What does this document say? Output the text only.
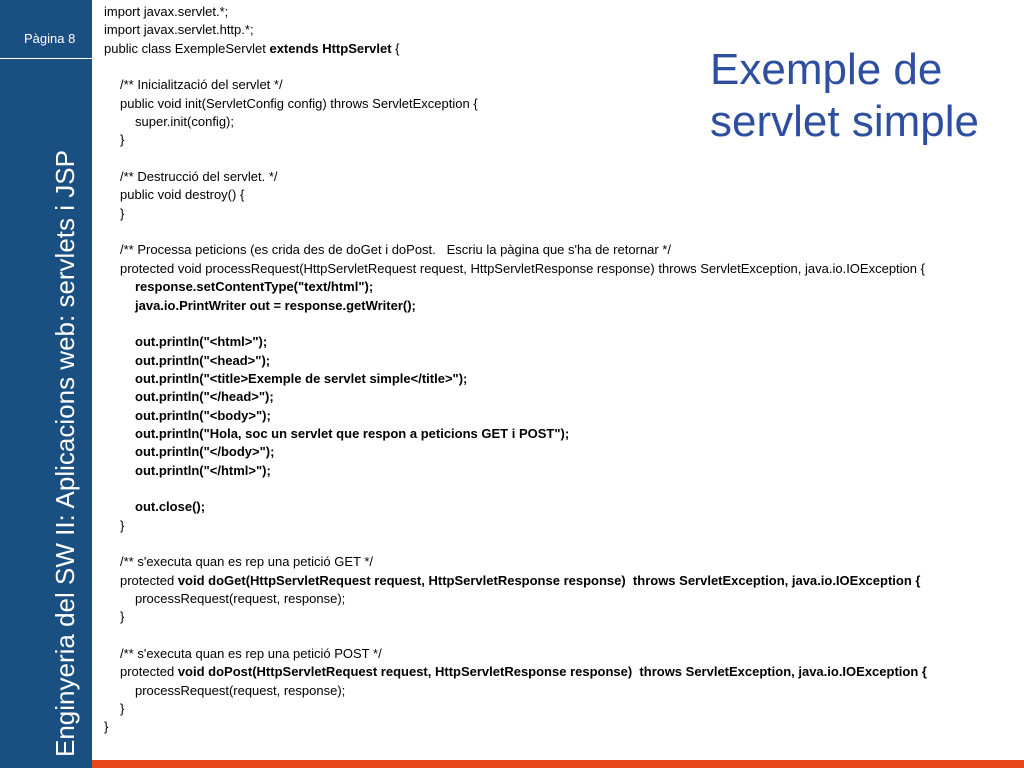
Pàgina 8
Enginyeria del SW II: Aplicacions web: servlets i JSP
Exemple de servlet simple
import javax.servlet.*;
import javax.servlet.http.*;
public class ExempleServlet extends HttpServlet {
/** Inicialització del servlet */
public void init(ServletConfig config) throws ServletException {
super.init(config);
}
/** Destrucció del servlet. */
public void destroy() {
}
/** Processa peticions (es crida des de doGet i doPost.   Escriu la pàgina que s'ha de retornar */
protected void processRequest(HttpServletRequest request, HttpServletResponse response) throws ServletException, java.io.IOException {
response.setContentType("text/html");
java.io.PrintWriter out = response.getWriter();
out.println("<html>");
out.println("<head>");
out.println("<title>Exemple de servlet simple</title>");
out.println("</head>");
out.println("<body>");
out.println("Hola, soc un servlet que respon a peticions GET i POST");
out.println("</body>");
out.println("</html>");
out.close();
}
/** s'executa quan es rep una petició GET */
protected void doGet(HttpServletRequest request, HttpServletResponse response)  throws ServletException, java.io.IOException {
processRequest(request, response);
}
/** s'executa quan es rep una petició POST */
protected void doPost(HttpServletRequest request, HttpServletResponse response)  throws ServletException, java.io.IOException {
processRequest(request, response);
}
}
